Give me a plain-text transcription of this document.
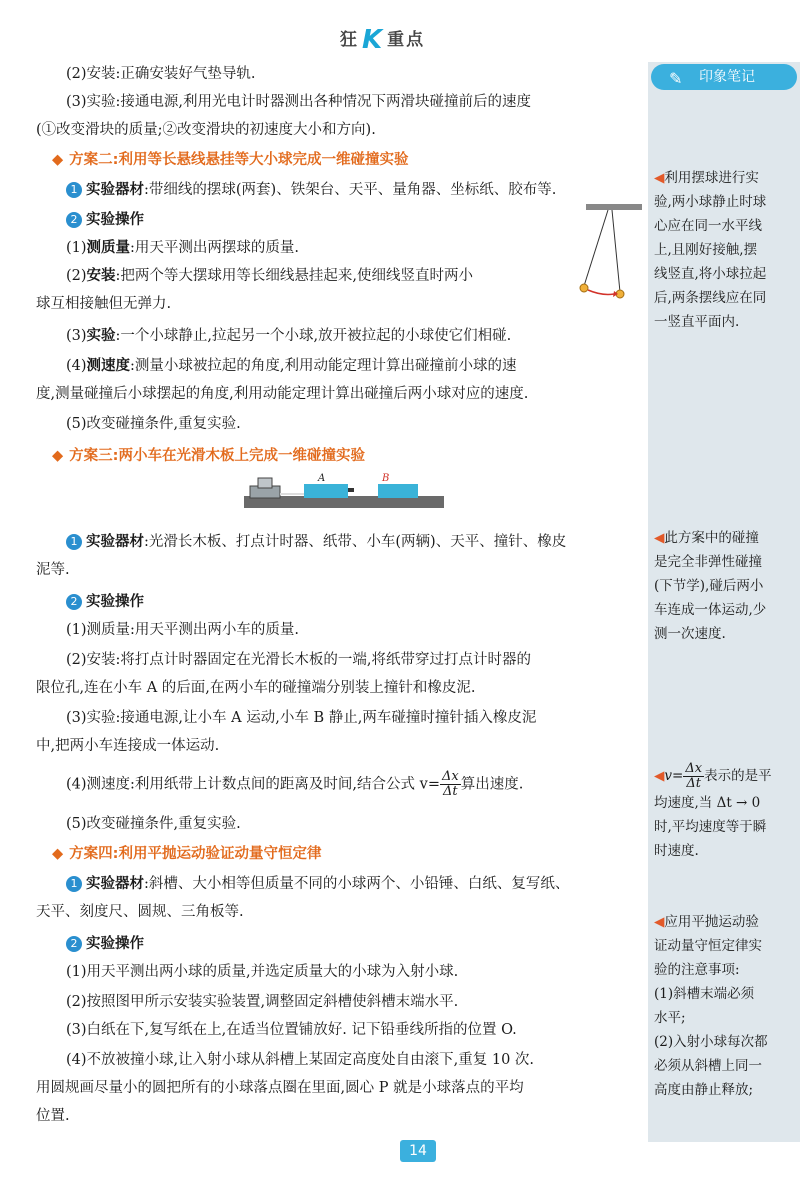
狂 K 重点
✎ 印象笔记
(2)安装:正确安装好气垫导轨.
(3)实验:接通电源,利用光电计时器测出各种情况下两滑块碰撞前后的速度
(①改变滑块的质量;②改变滑块的初速度大小和方向).
◆ 方案二:利用等长悬线悬挂等大小球完成一维碰撞实验
1 实验器材:带细线的摆球(两套)、铁架台、天平、量角器、坐标纸、胶布等.
2 实验操作
(1)测质量:用天平测出两摆球的质量.
(2)安装:把两个等大摆球用等长细线悬挂起来,使细线竖直时两小
球互相接触但无弹力.
(3)实验:一个小球静止,拉起另一个小球,放开被拉起的小球使它们相碰.
(4)测速度:测量小球被拉起的角度,利用动能定理计算出碰撞前小球的速
度,测量碰撞后小球摆起的角度,利用动能定理计算出碰撞后两小球对应的速度.
(5)改变碰撞条件,重复实验.
◆ 方案三:两小车在光滑木板上完成一维碰撞实验
A	B
1 实验器材:光滑长木板、打点计时器、纸带、小车(两辆)、天平、撞针、橡皮
泥等.
2 实验操作
(1)测质量:用天平测出两小车的质量.
(2)安装:将打点计时器固定在光滑长木板的一端,将纸带穿过打点计时器的
限位孔,连在小车 A 的后面,在两小车的碰撞端分别装上撞针和橡皮泥.
(3)实验:接通电源,让小车 A 运动,小车 B 静止,两车碰撞时撞针插入橡皮泥
中,把两小车连接成一体运动.
(4)测速度:利用纸带上计数点间的距离及时间,结合公式 $v= \frac{\Delta x}{\Delta t}$ 算出速度.
(5)改变碰撞条件,重复实验.
◆ 方案四:利用平抛运动验证动量守恒定律
1 实验器材:斜槽、大小相等但质量不同的小球两个、小铅锤、白纸、复写纸、
天平、刻度尺、圆规、三角板等.
2 实验操作
(1)用天平测出两小球的质量,并选定质量大的小球为入射小球.
(2)按照图甲所示安装实验装置,调整固定斜槽使斜槽末端水平.
(3)白纸在下,复写纸在上,在适当位置铺放好. 记下铅垂线所指的位置 O.
(4)不放被撞小球,让入射小球从斜槽上某固定高度处自由滚下,重复 10 次.
用圆规画尽量小的圆把所有的小球落点圈在里面,圆心 P 就是小球落点的平均
位置.
◀利用摆球进行实
验,两小球静止时球
心应在同一水平线
上,且刚好接触,摆
线竖直,将小球拉起
后,两条摆线应在同
一竖直平面内.
◀此方案中的碰撞
是完全非弹性碰撞
(下节学),碰后两小
车连成一体运动,少
测一次速度.
◀v= $\frac{\Delta x}{\Delta t}$ 表示的是平
均速度,当 Δt → 0
时,平均速度等于瞬
时速度.
◀应用平抛运动验
证动量守恒定律实
验的注意事项:
(1)斜槽末端必须
水平;
(2)入射小球每次都
必须从斜槽上同一
高度由静止释放;
14
